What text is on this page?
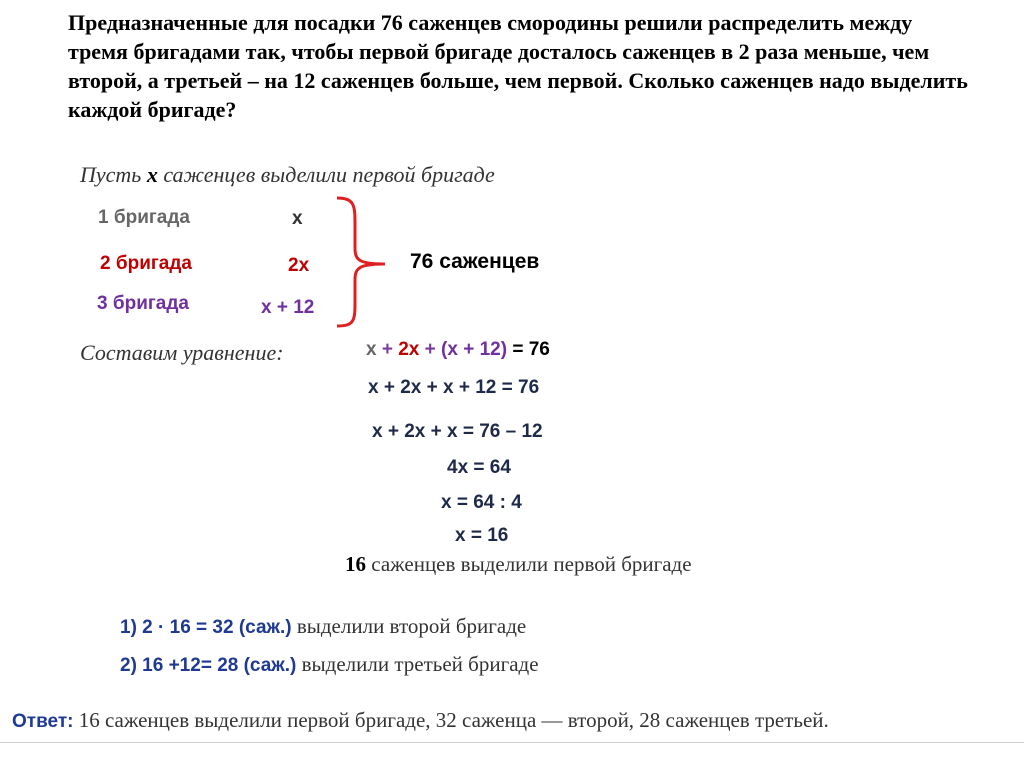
Предназначенные для посадки 76 саженцев смородины решили распределить между тремя бригадами так, чтобы первой бригаде досталось саженцев в 2 раза меньше, чем второй, а третьей – на 12 саженцев больше, чем первой. Сколько саженцев надо выделить каждой бригаде?
Пусть x саженцев выделили первой бригаде
1 бригада	x
2 бригада	2x
3 бригада	x + 12
76 саженцев
Составим уравнение:	x + 2x + (x + 12) = 76
x + 2x + x + 12 = 76
x + 2x + x = 76 – 12
4x = 64
x = 64 : 4
x = 16
16 саженцев выделили первой бригаде
1) 2 · 16 = 32 (саж.) выделили второй бригаде
2) 16 +12= 28 (саж.) выделили третьей бригаде
Ответ: 16 саженцев выделили первой бригаде, 32 саженца — второй, 28 саженцев третьей.
